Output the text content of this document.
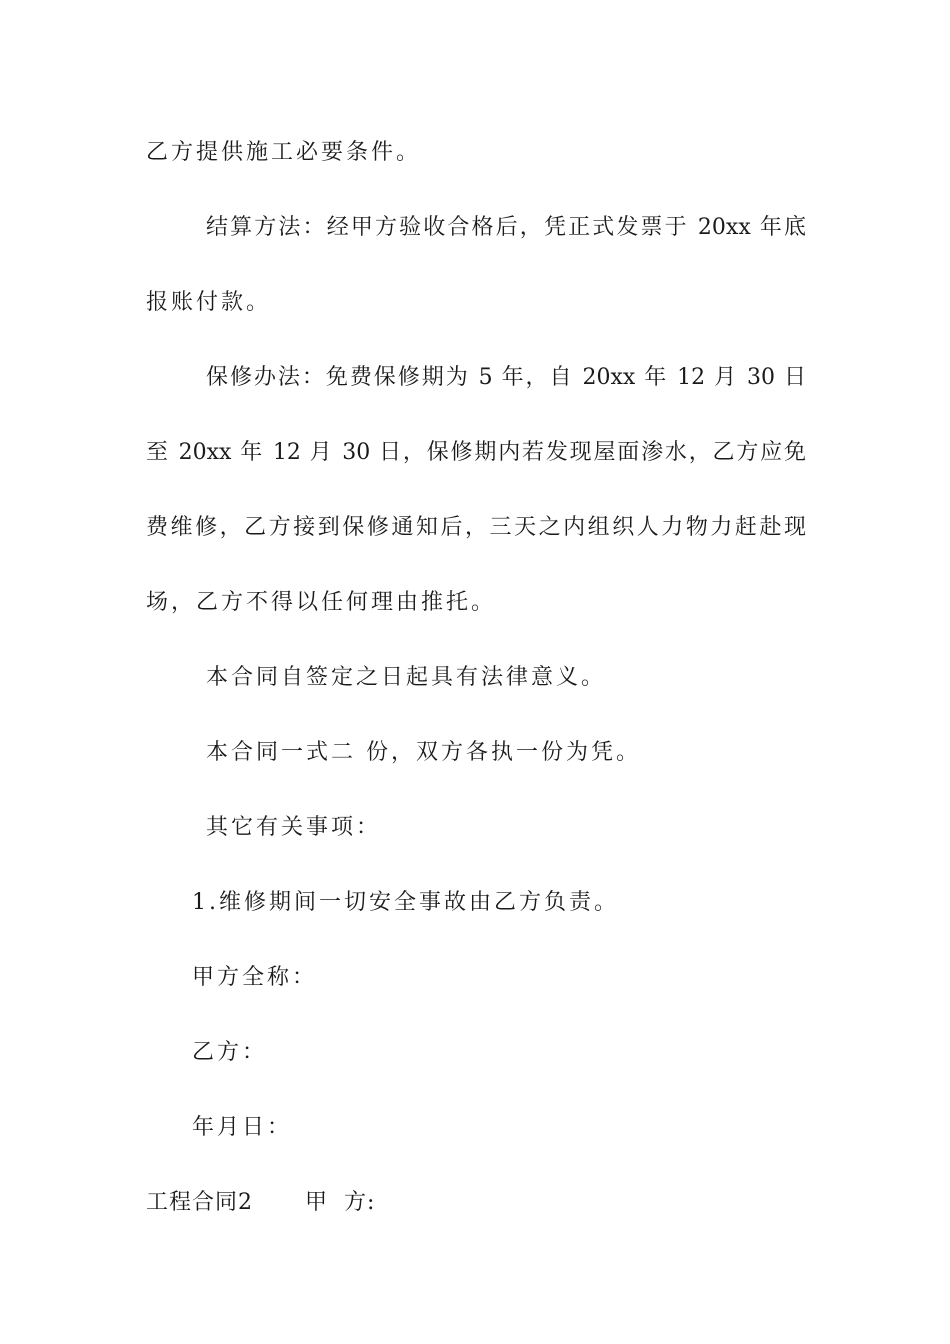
乙方提供施工必要条件。
结算方法：经甲方验收合格后，凭正式发票于 20xx 年底
报账付款。
保修办法：免费保修期为 5 年，自 20xx 年 12 月 30 日
至 20xx 年 12 月 30 日，保修期内若发现屋面渗水，乙方应免
费维修，乙方接到保修通知后，三天之内组织人力物力赶赴现
场，乙方不得以任何理由推托。
本合同自签定之日起具有法律意义。
本合同一式二 份，双方各执一份为凭。
其它有关事项：
1.维修期间一切安全事故由乙方负责。
甲方全称：
乙方：
年月日：
工程合同2 甲  方:
